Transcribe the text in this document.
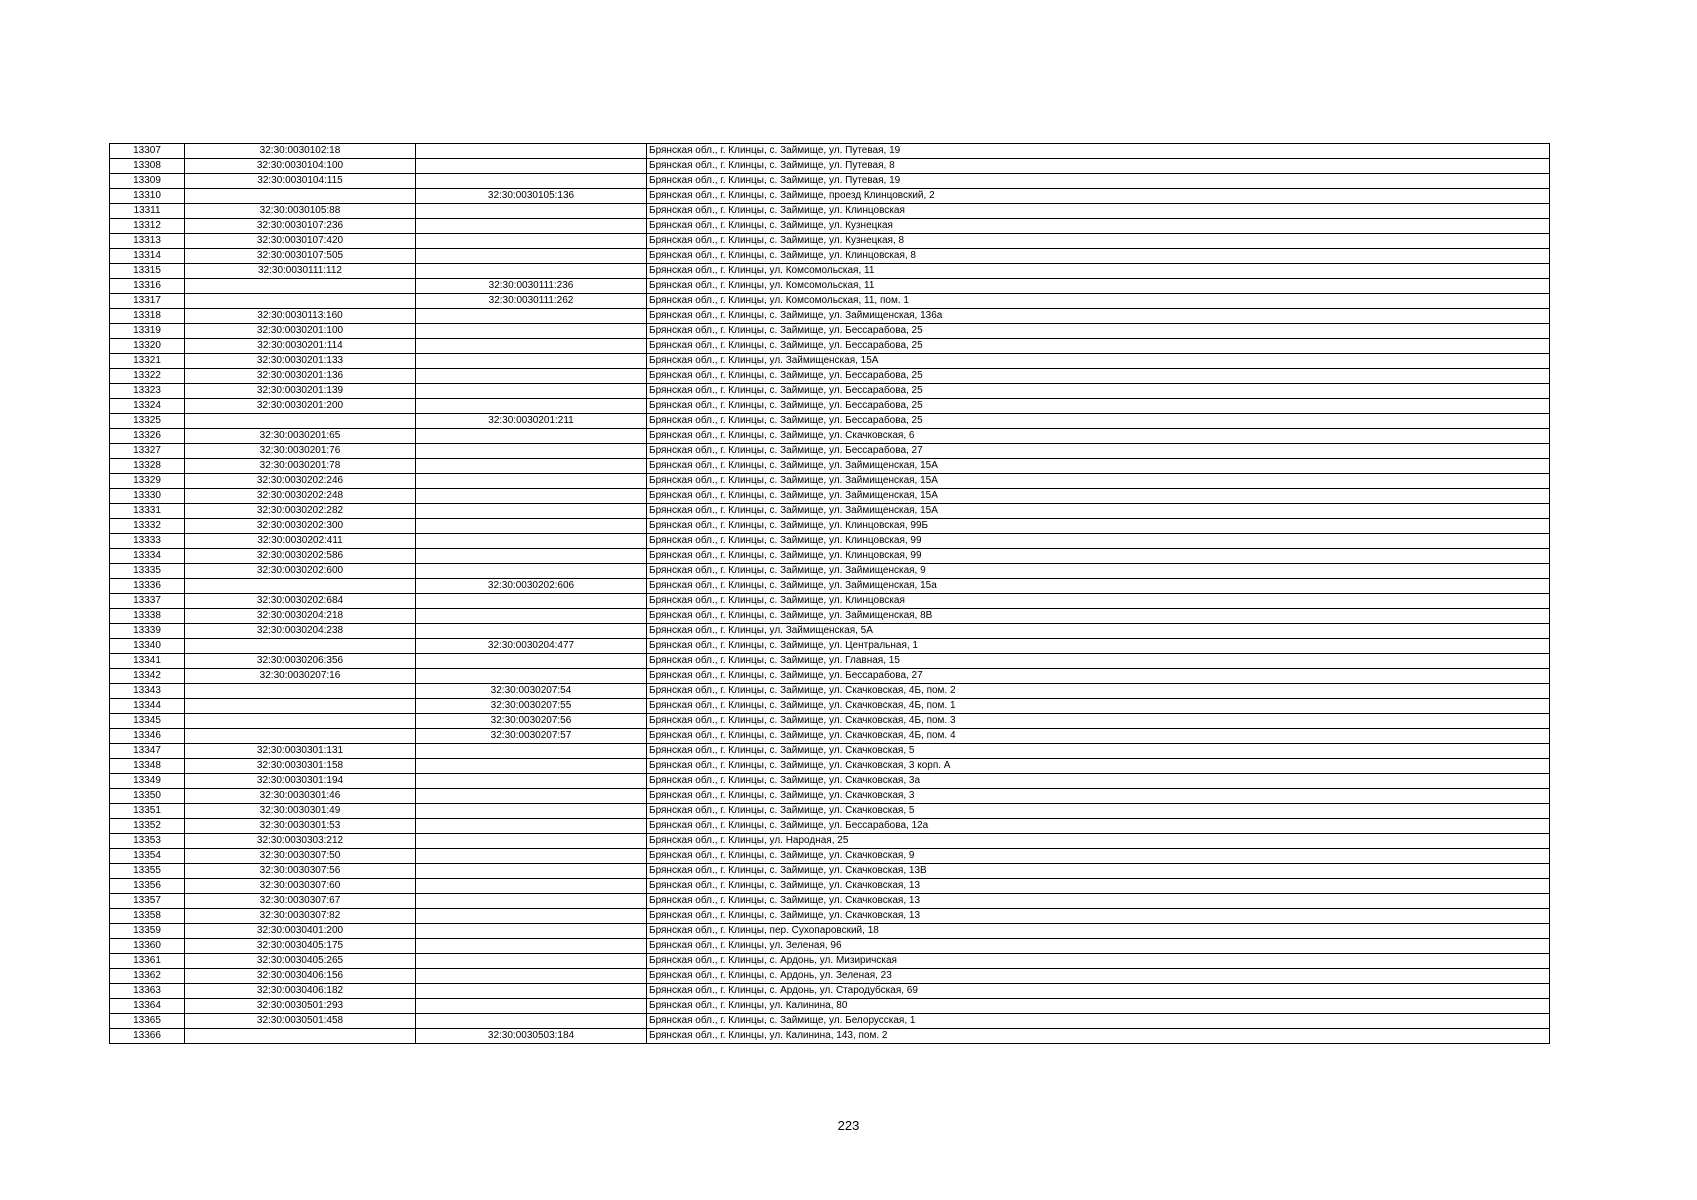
13307	32:30:0030102:18		Брянская обл., г. Клинцы, с. Займище, ул. Путевая, 19
13308	32:30:0030104:100		Брянская обл., г. Клинцы, с. Займище, ул. Путевая, 8
13309	32:30:0030104:115		Брянская обл., г. Клинцы, с. Займище, ул. Путевая, 19
13310		32:30:0030105:136	Брянская обл., г. Клинцы, с. Займище, проезд Клинцовский, 2
13311	32:30:0030105:88		Брянская обл., г. Клинцы, с. Займище, ул. Клинцовская
13312	32:30:0030107:236		Брянская обл., г. Клинцы, с. Займище, ул. Кузнецкая
13313	32:30:0030107:420		Брянская обл., г. Клинцы, с. Займище, ул. Кузнецкая, 8
13314	32:30:0030107:505		Брянская обл., г. Клинцы, с. Займище, ул. Клинцовская, 8
13315	32:30:0030111:112		Брянская обл., г. Клинцы, ул. Комсомольская, 11
13316		32:30:0030111:236	Брянская обл., г. Клинцы, ул. Комсомольская, 11
13317		32:30:0030111:262	Брянская обл., г. Клинцы, ул. Комсомольская, 11, пом. 1
13318	32:30:0030113:160		Брянская обл., г. Клинцы, с. Займище, ул. Займищенская, 136а
13319	32:30:0030201:100		Брянская обл., г. Клинцы, с. Займище, ул. Бессарабова, 25
13320	32:30:0030201:114		Брянская обл., г. Клинцы, с. Займище, ул. Бессарабова, 25
13321	32:30:0030201:133		Брянская обл., г. Клинцы, ул. Займищенская, 15А
13322	32:30:0030201:136		Брянская обл., г. Клинцы, с. Займище, ул. Бессарабова, 25
13323	32:30:0030201:139		Брянская обл., г. Клинцы, с. Займище, ул. Бессарабова, 25
13324	32:30:0030201:200		Брянская обл., г. Клинцы, с. Займище, ул. Бессарабова, 25
13325		32:30:0030201:211	Брянская обл., г. Клинцы, с. Займище, ул. Бессарабова, 25
13326	32:30:0030201:65		Брянская обл., г. Клинцы, с. Займище, ул. Скачковская, 6
13327	32:30:0030201:76		Брянская обл., г. Клинцы, с. Займище, ул. Бессарабова, 27
13328	32:30:0030201:78		Брянская обл., г. Клинцы, с. Займище, ул. Займищенская, 15А
13329	32:30:0030202:246		Брянская обл., г. Клинцы, с. Займище, ул. Займищенская, 15А
13330	32:30:0030202:248		Брянская обл., г. Клинцы, с. Займище, ул. Займищенская, 15А
13331	32:30:0030202:282		Брянская обл., г. Клинцы, с. Займище, ул. Займищенская, 15А
13332	32:30:0030202:300		Брянская обл., г. Клинцы, с. Займище, ул. Клинцовская, 99Б
13333	32:30:0030202:411		Брянская обл., г. Клинцы, с. Займище, ул. Клинцовская, 99
13334	32:30:0030202:586		Брянская обл., г. Клинцы, с. Займище, ул. Клинцовская, 99
13335	32:30:0030202:600		Брянская обл., г. Клинцы, с. Займище, ул. Займищенская, 9
13336		32:30:0030202:606	Брянская обл., г. Клинцы, с. Займище, ул. Займищенская, 15а
13337	32:30:0030202:684		Брянская обл., г. Клинцы, с. Займище, ул. Клинцовская
13338	32:30:0030204:218		Брянская обл., г. Клинцы, с. Займище, ул. Займищенская, 8В
13339	32:30:0030204:238		Брянская обл., г. Клинцы, ул. Займищенская, 5А
13340		32:30:0030204:477	Брянская обл., г. Клинцы, с. Займище, ул. Центральная, 1
13341	32:30:0030206:356		Брянская обл., г. Клинцы, с. Займище, ул. Главная, 15
13342	32:30:0030207:16		Брянская обл., г. Клинцы, с. Займище, ул. Бессарабова, 27
13343		32:30:0030207:54	Брянская обл., г. Клинцы, с. Займище, ул. Скачковская, 4Б, пом. 2
13344		32:30:0030207:55	Брянская обл., г. Клинцы, с. Займище, ул. Скачковская, 4Б, пом. 1
13345		32:30:0030207:56	Брянская обл., г. Клинцы, с. Займище, ул. Скачковская, 4Б, пом. 3
13346		32:30:0030207:57	Брянская обл., г. Клинцы, с. Займище, ул. Скачковская, 4Б, пом. 4
13347	32:30:0030301:131		Брянская обл., г. Клинцы, с. Займище, ул. Скачковская, 5
13348	32:30:0030301:158		Брянская обл., г. Клинцы, с. Займище, ул. Скачковская, 3 корп. А
13349	32:30:0030301:194		Брянская обл., г. Клинцы, с. Займище, ул. Скачковская, 3а
13350	32:30:0030301:46		Брянская обл., г. Клинцы, с. Займище, ул. Скачковская, 3
13351	32:30:0030301:49		Брянская обл., г. Клинцы, с. Займище, ул. Скачковская, 5
13352	32:30:0030301:53		Брянская обл., г. Клинцы, с. Займище, ул. Бессарабова, 12а
13353	32:30:0030303:212		Брянская обл., г. Клинцы, ул. Народная, 25
13354	32:30:0030307:50		Брянская обл., г. Клинцы, с. Займище, ул. Скачковская, 9
13355	32:30:0030307:56		Брянская обл., г. Клинцы, с. Займище, ул. Скачковская, 13В
13356	32:30:0030307:60		Брянская обл., г. Клинцы, с. Займище, ул. Скачковская, 13
13357	32:30:0030307:67		Брянская обл., г. Клинцы, с. Займище, ул. Скачковская, 13
13358	32:30:0030307:82		Брянская обл., г. Клинцы, с. Займище, ул. Скачковская, 13
13359	32:30:0030401:200		Брянская обл., г. Клинцы, пер. Сухопаровский, 18
13360	32:30:0030405:175		Брянская обл., г. Клинцы, ул. Зеленая, 96
13361	32:30:0030405:265		Брянская обл., г. Клинцы, с. Ардонь, ул. Мизиричская
13362	32:30:0030406:156		Брянская обл., г. Клинцы, с. Ардонь, ул. Зеленая, 23
13363	32:30:0030406:182		Брянская обл., г. Клинцы, с. Ардонь, ул. Стародубская, 69
13364	32:30:0030501:293		Брянская обл., г. Клинцы, ул. Калинина, 80
13365	32:30:0030501:458		Брянская обл., г. Клинцы, с. Займище, ул. Белорусская, 1
13366		32:30:0030503:184	Брянская обл., г. Клинцы, ул. Калинина, 143, пом. 2
223
